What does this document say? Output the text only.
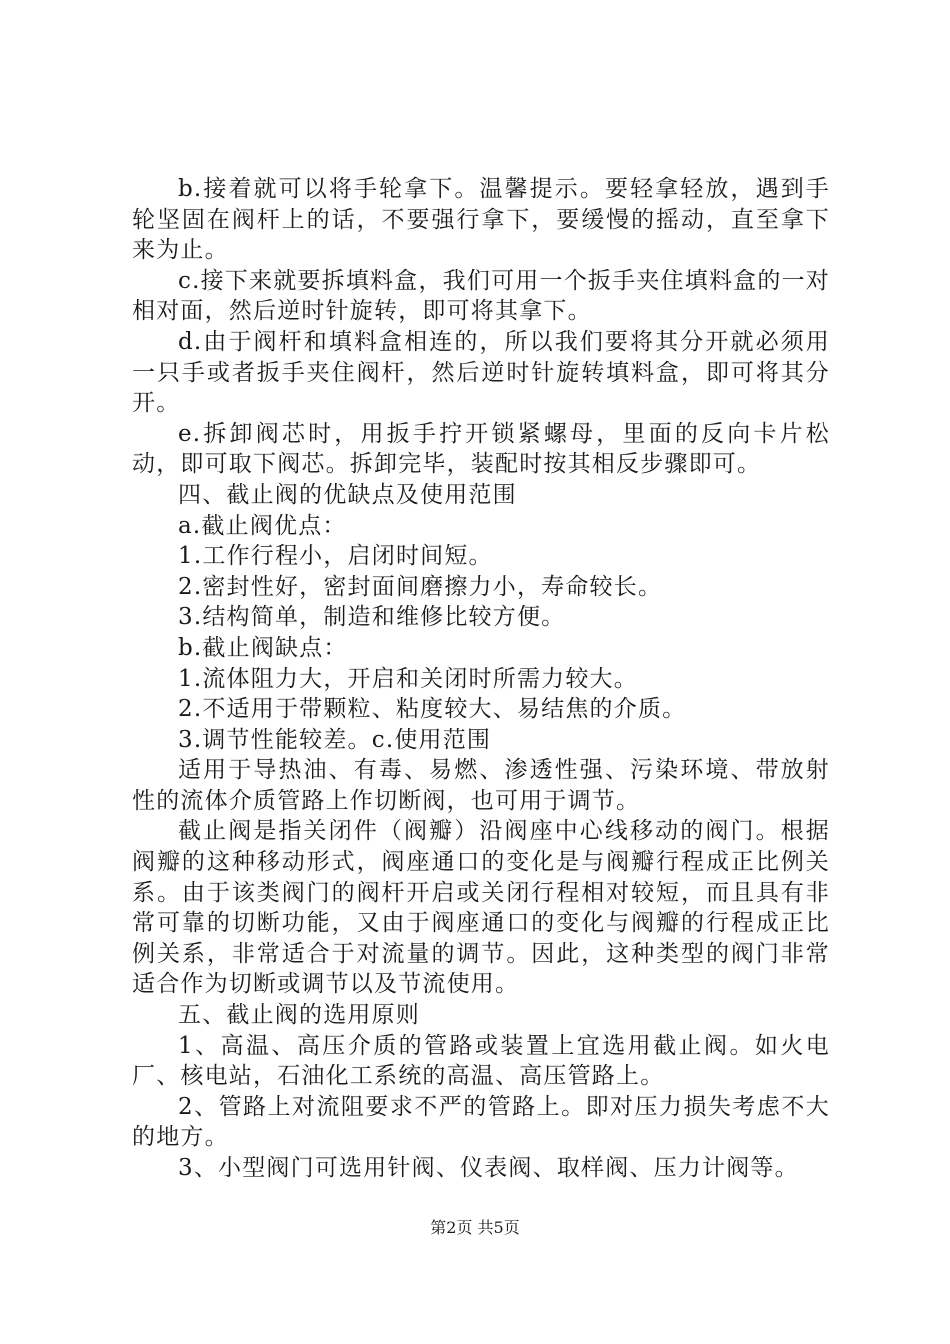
b.接着就可以将手轮拿下。温馨提示。要轻拿轻放，遇到手轮坚固在阀杆上的话，不要强行拿下，要缓慢的摇动，直至拿下来为止。

c.接下来就要拆填料盒，我们可用一个扳手夹住填料盒的一对相对面，然后逆时针旋转，即可将其拿下。

d.由于阀杆和填料盒相连的，所以我们要将其分开就必须用一只手或者扳手夹住阀杆，然后逆时针旋转填料盒，即可将其分开。

e.拆卸阀芯时，用扳手拧开锁紧螺母，里面的反向卡片松动，即可取下阀芯。拆卸完毕，装配时按其相反步骤即可。

四、截止阀的优缺点及使用范围

a.截止阀优点：

1.工作行程小，启闭时间短。

2.密封性好，密封面间磨擦力小，寿命较长。

3.结构简单，制造和维修比较方便。

b.截止阀缺点：

1.流体阻力大，开启和关闭时所需力较大。

2.不适用于带颗粒、粘度较大、易结焦的介质。

3.调节性能较差。c.使用范围

适用于导热油、有毒、易燃、渗透性强、污染环境、带放射性的流体介质管路上作切断阀，也可用于调节。

截止阀是指关闭件（阀瓣）沿阀座中心线移动的阀门。根据阀瓣的这种移动形式，阀座通口的变化是与阀瓣行程成正比例关系。由于该类阀门的阀杆开启或关闭行程相对较短，而且具有非常可靠的切断功能，又由于阀座通口的变化与阀瓣的行程成正比例关系，非常适合于对流量的调节。因此，这种类型的阀门非常适合作为切断或调节以及节流使用。

五、截止阀的选用原则

1、高温、高压介质的管路或装置上宜选用截止阀。如火电厂、核电站，石油化工系统的高温、高压管路上。

2、管路上对流阻要求不严的管路上。即对压力损失考虑不大的地方。

3、小型阀门可选用针阀、仪表阀、取样阀、压力计阀等。

第2页 共5页
